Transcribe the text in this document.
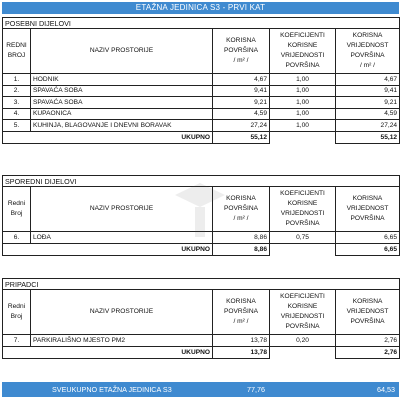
ETAŽNA JEDINICA S3 - PRVI KAT
POSEBNI DIJELOVI				
REDNI
BROJ	NAZIV PROSTORIJE	KORISNA
POVRŠINA
/ m² /	KOEFICIJENTI
KORISNE
VRIJEDNOSTI
POVRŠINA	KORISNA
VRIJEDNOST
POVRŠINA
/ m² /
1.	HODNIK	4,67	1,00	4,67
2.	SPAVAĆA SOBA	9,41	1,00	9,41
3.	SPAVAĆA SOBA	9,21	1,00	9,21
4.	KUPAONICA	4,59	1,00	4,59
5.	KUHINJA, BLAGOVANJE I DNEVNI BORAVAK	27,24	1,00	27,24
UKUPNO		55,12		55,12
SPOREDNI DIJELOVI				
Redni
Broj	NAZIV PROSTORIJE	KORISNA
POVRŠINA
/ m² /	KOEFICIJENTI
KORISNE
VRIJEDNOSTI
POVRŠINA	KORISNA
VRIJEDNOST
POVRŠINA
6.	LOĐA	8,86	0,75	6,65
UKUPNO		8,86		6,65
PRIPADCI				
Redni
Broj	NAZIV PROSTORIJE	KORISNA
POVRŠINA
/ m² /	KOEFICIJENTI
KORISNE
VRIJEDNOSTI
POVRŠINA	KORISNA
VRIJEDNOST
POVRŠINA
7.	PARKIRALIŠNO MJESTO PM2	13,78	0,20	2,76
UKUPNO		13,78		2,76
SVEUKUPNO ETAŽNA JEDINICA S3	77,76	64,53
